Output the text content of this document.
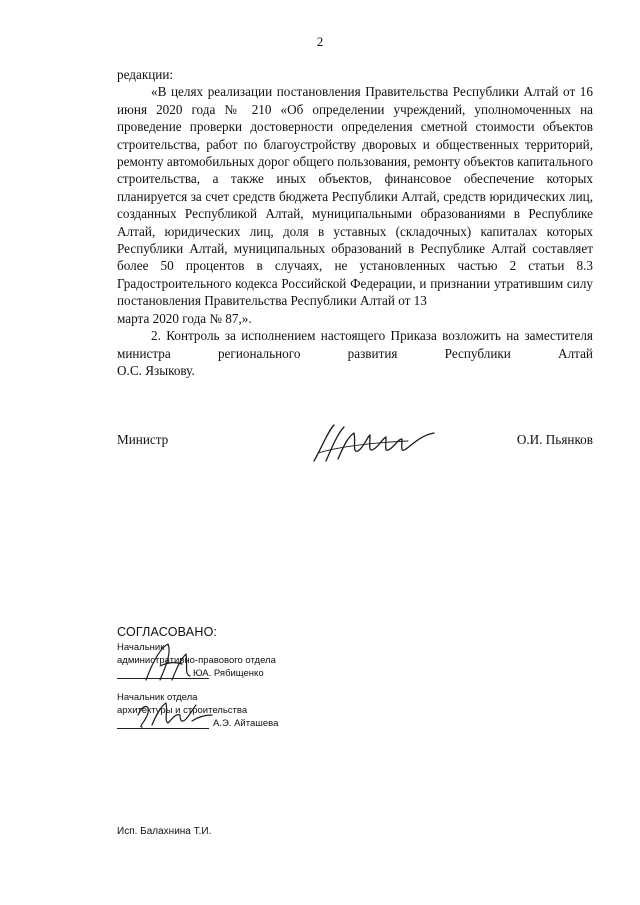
2

редакции:

«В целях реализации постановления Правительства Республики Алтай от 16 июня 2020 года № 210 «Об определении учреждений, уполномоченных на проведение проверки достоверности определения сметной стоимости объектов строительства, работ по благоустройству дворовых и общественных территорий, ремонту автомобильных дорог общего пользования, ремонту объектов капитального строительства, а также иных объектов, финансовое обеспечение которых планируется за счет средств бюджета Республики Алтай, средств юридических лиц, созданных Республикой Алтай, муниципальными образованиями в Республике Алтай, юридических лиц, доля в уставных (складочных) капиталах которых Республики Алтай, муниципальных образований в Республике Алтай составляет более 50 процентов в случаях, не установленных частью 2 статьи 8.3 Градостроительного кодекса Российской Федерации, и признании утратившим силу постановления Правительства Республики Алтай от 13

марта 2020 года № 87,».

2. Контроль за исполнением настоящего Приказа возложить на заместителя министра регионального развития Республики Алтай

О.С. Языкову.

Министр	О.И. Пьянков
СОГЛАСОВАНО:
Начальник
административно-правового отдела
ЮА. Рябищенко
Начальник отдела
архитектуры и строительства
А.Э. Айташева
Исп. Балахнина Т.И.
